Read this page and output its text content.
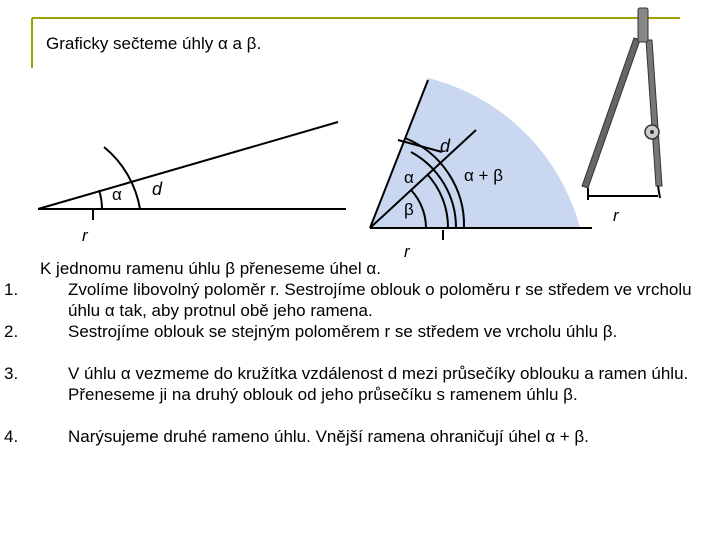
α d
r
α
β
α + β
d
r
r
Graficky sečteme úhly α a β.
K jednomu ramenu úhlu β přeneseme úhel α.
1.	Zvolíme libovolný poloměr r. Sestrojíme oblouk o poloměru r se středem ve vrcholu úhlu α tak, aby protnul obě jeho ramena.
2.	Sestrojíme oblouk se stejným poloměrem r se středem ve vrcholu úhlu β.
3.	V úhlu α vezmeme do kružítka vzdálenost d mezi průsečíky oblouku a ramen úhlu. Přeneseme ji na druhý oblouk od jeho průsečíku s ramenem úhlu β.
4.	Narýsujeme druhé rameno úhlu. Vnější ramena ohraničují úhel α + β.
